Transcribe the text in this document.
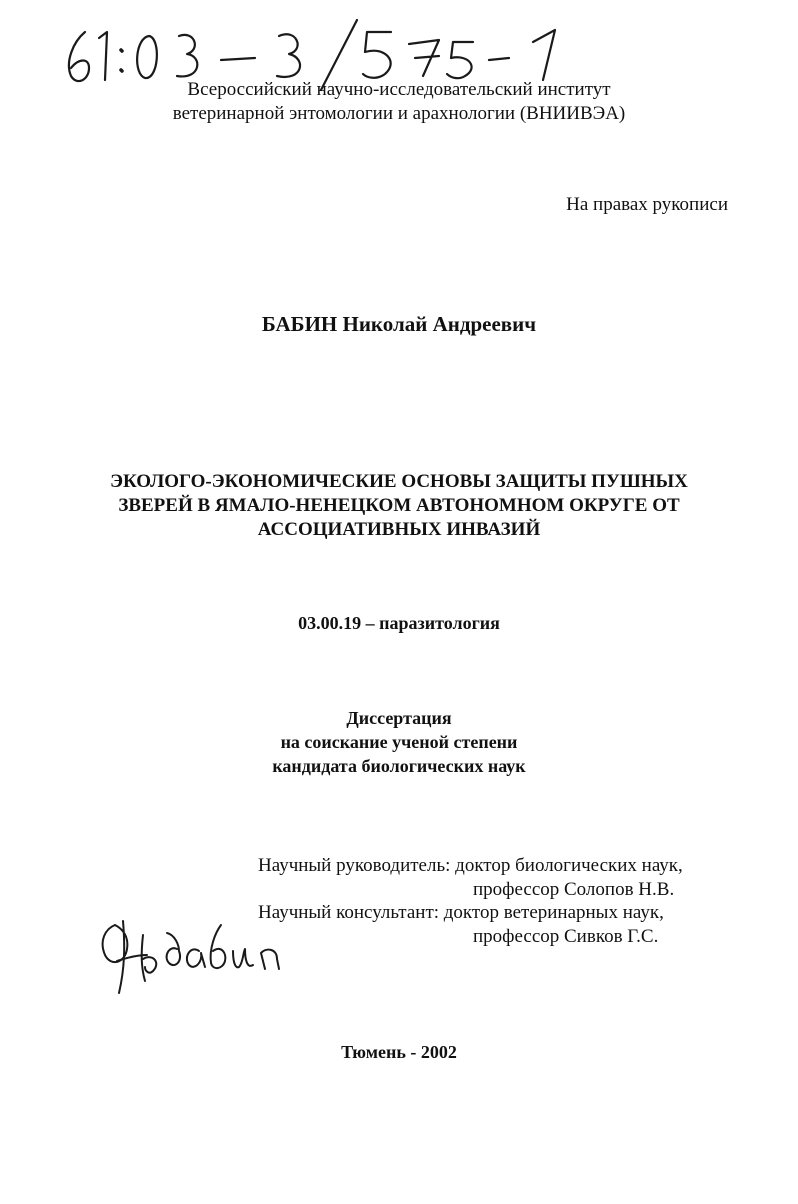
Всероссийский научно-исследовательский институт
ветеринарной энтомологии и арахнологии (ВНИИВЭА)
На правах рукописи
БАБИН Николай Андреевич
ЭКОЛОГО-ЭКОНОМИЧЕСКИЕ ОСНОВЫ ЗАЩИТЫ ПУШНЫХ
ЗВЕРЕЙ В ЯМАЛО-НЕНЕЦКОМ АВТОНОМНОМ ОКРУГЕ ОТ
АССОЦИАТИВНЫХ ИНВАЗИЙ
03.00.19 – паразитология
Диссертация
на соискание ученой степени
кандидата биологических наук
Научный руководитель: доктор биологических наук,
профессор Солопов Н.В.
Научный консультант: доктор ветеринарных наук,
профессор Сивков Г.С.
Тюмень - 2002
